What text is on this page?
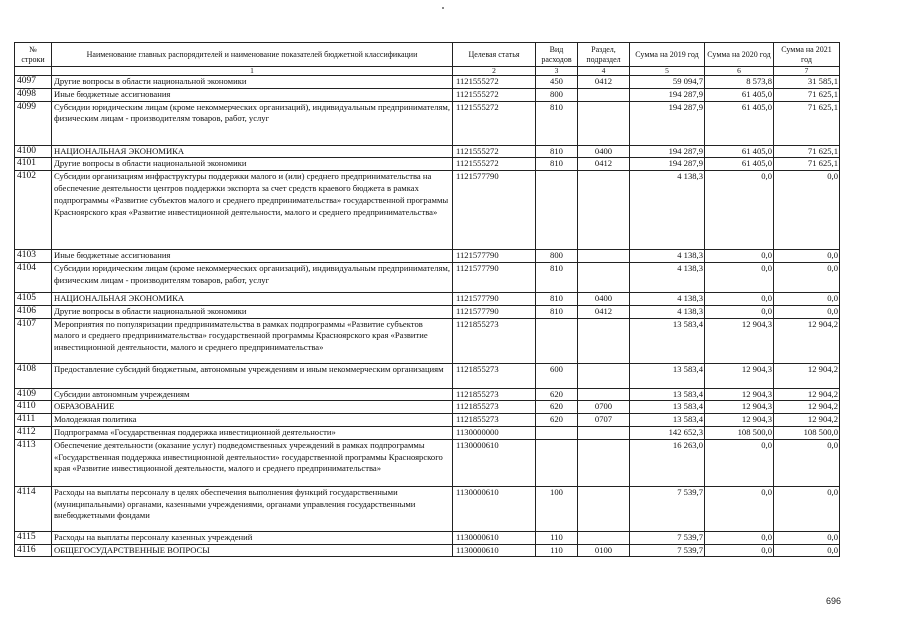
№ строки	Наименование главных распорядителей и наименование показателей бюджетной классификации	Целевая статья	Вид расходов	Раздел, подраздел	Сумма на 2019 год	Сумма на 2020 год	Сумма на 2021 год
	1	2	3	4	5	6	7
4097	Другие вопросы в области национальной экономики	1121555272	450	0412	59 094,7	8 573,8	31 585,1
4098	Иные бюджетные ассигнования	1121555272	800		194 287,9	61 405,0	71 625,1
4099	Субсидии юридическим лицам (кроме некоммерческих организаций), индивидуальным предпринимателям, физическим лицам - производителям товаров, работ, услуг	1121555272	810		194 287,9	61 405,0	71 625,1
4100	НАЦИОНАЛЬНАЯ ЭКОНОМИКА	1121555272	810	0400	194 287,9	61 405,0	71 625,1
4101	Другие вопросы в области национальной экономики	1121555272	810	0412	194 287,9	61 405,0	71 625,1
4102	Субсидии организациям инфраструктуры поддержки малого и (или) среднего предпринимательства на обеспечение деятельности центров поддержки экспорта за счет средств краевого бюджета в рамках подпрограммы «Развитие субъектов малого и среднего предпринимательства» государственной программы Красноярского края «Развитие инвестиционной деятельности, малого и среднего предпринимательства»	1121577790			4 138,3	0,0	0,0
4103	Иные бюджетные ассигнования	1121577790	800		4 138,3	0,0	0,0
4104	Субсидии юридическим лицам (кроме некоммерческих организаций), индивидуальным предпринимателям, физическим лицам - производителям товаров, работ, услуг	1121577790	810		4 138,3	0,0	0,0
4105	НАЦИОНАЛЬНАЯ ЭКОНОМИКА	1121577790	810	0400	4 138,3	0,0	0,0
4106	Другие вопросы в области национальной экономики	1121577790	810	0412	4 138,3	0,0	0,0
4107	Мероприятия по популяризации предпринимательства в рамках подпрограммы «Развитие субъектов малого и среднего предпринимательства» государственной программы Красноярского края «Развитие инвестиционной деятельности, малого и среднего предпринимательства»	1121855273			13 583,4	12 904,3	12 904,2
4108	Предоставление субсидий бюджетным, автономным учреждениям и иным некоммерческим организациям	1121855273	600		13 583,4	12 904,3	12 904,2
4109	Субсидии автономным учреждениям	1121855273	620		13 583,4	12 904,3	12 904,2
4110	ОБРАЗОВАНИЕ	1121855273	620	0700	13 583,4	12 904,3	12 904,2
4111	Молодежная политика	1121855273	620	0707	13 583,4	12 904,3	12 904,2
4112	Подпрограмма «Государственная поддержка инвестиционной деятельности»	1130000000			142 652,3	108 500,0	108 500,0
4113	Обеспечение деятельности (оказание услуг) подведомственных учреждений в рамках подпрограммы «Государственная поддержка инвестиционной деятельности» государственной программы Красноярского края «Развитие инвестиционной деятельности, малого и среднего предпринимательства»	1130000610			16 263,0	0,0	0,0
4114	Расходы на выплаты персоналу в целях обеспечения выполнения функций государственными (муниципальными) органами, казенными учреждениями, органами управления государственными внебюджетными фондами	1130000610	100		7 539,7	0,0	0,0
4115	Расходы на выплаты персоналу казенных учреждений	1130000610	110		7 539,7	0,0	0,0
4116	ОБЩЕГОСУДАРСТВЕННЫЕ ВОПРОСЫ	1130000610	110	0100	7 539,7	0,0	0,0
696
